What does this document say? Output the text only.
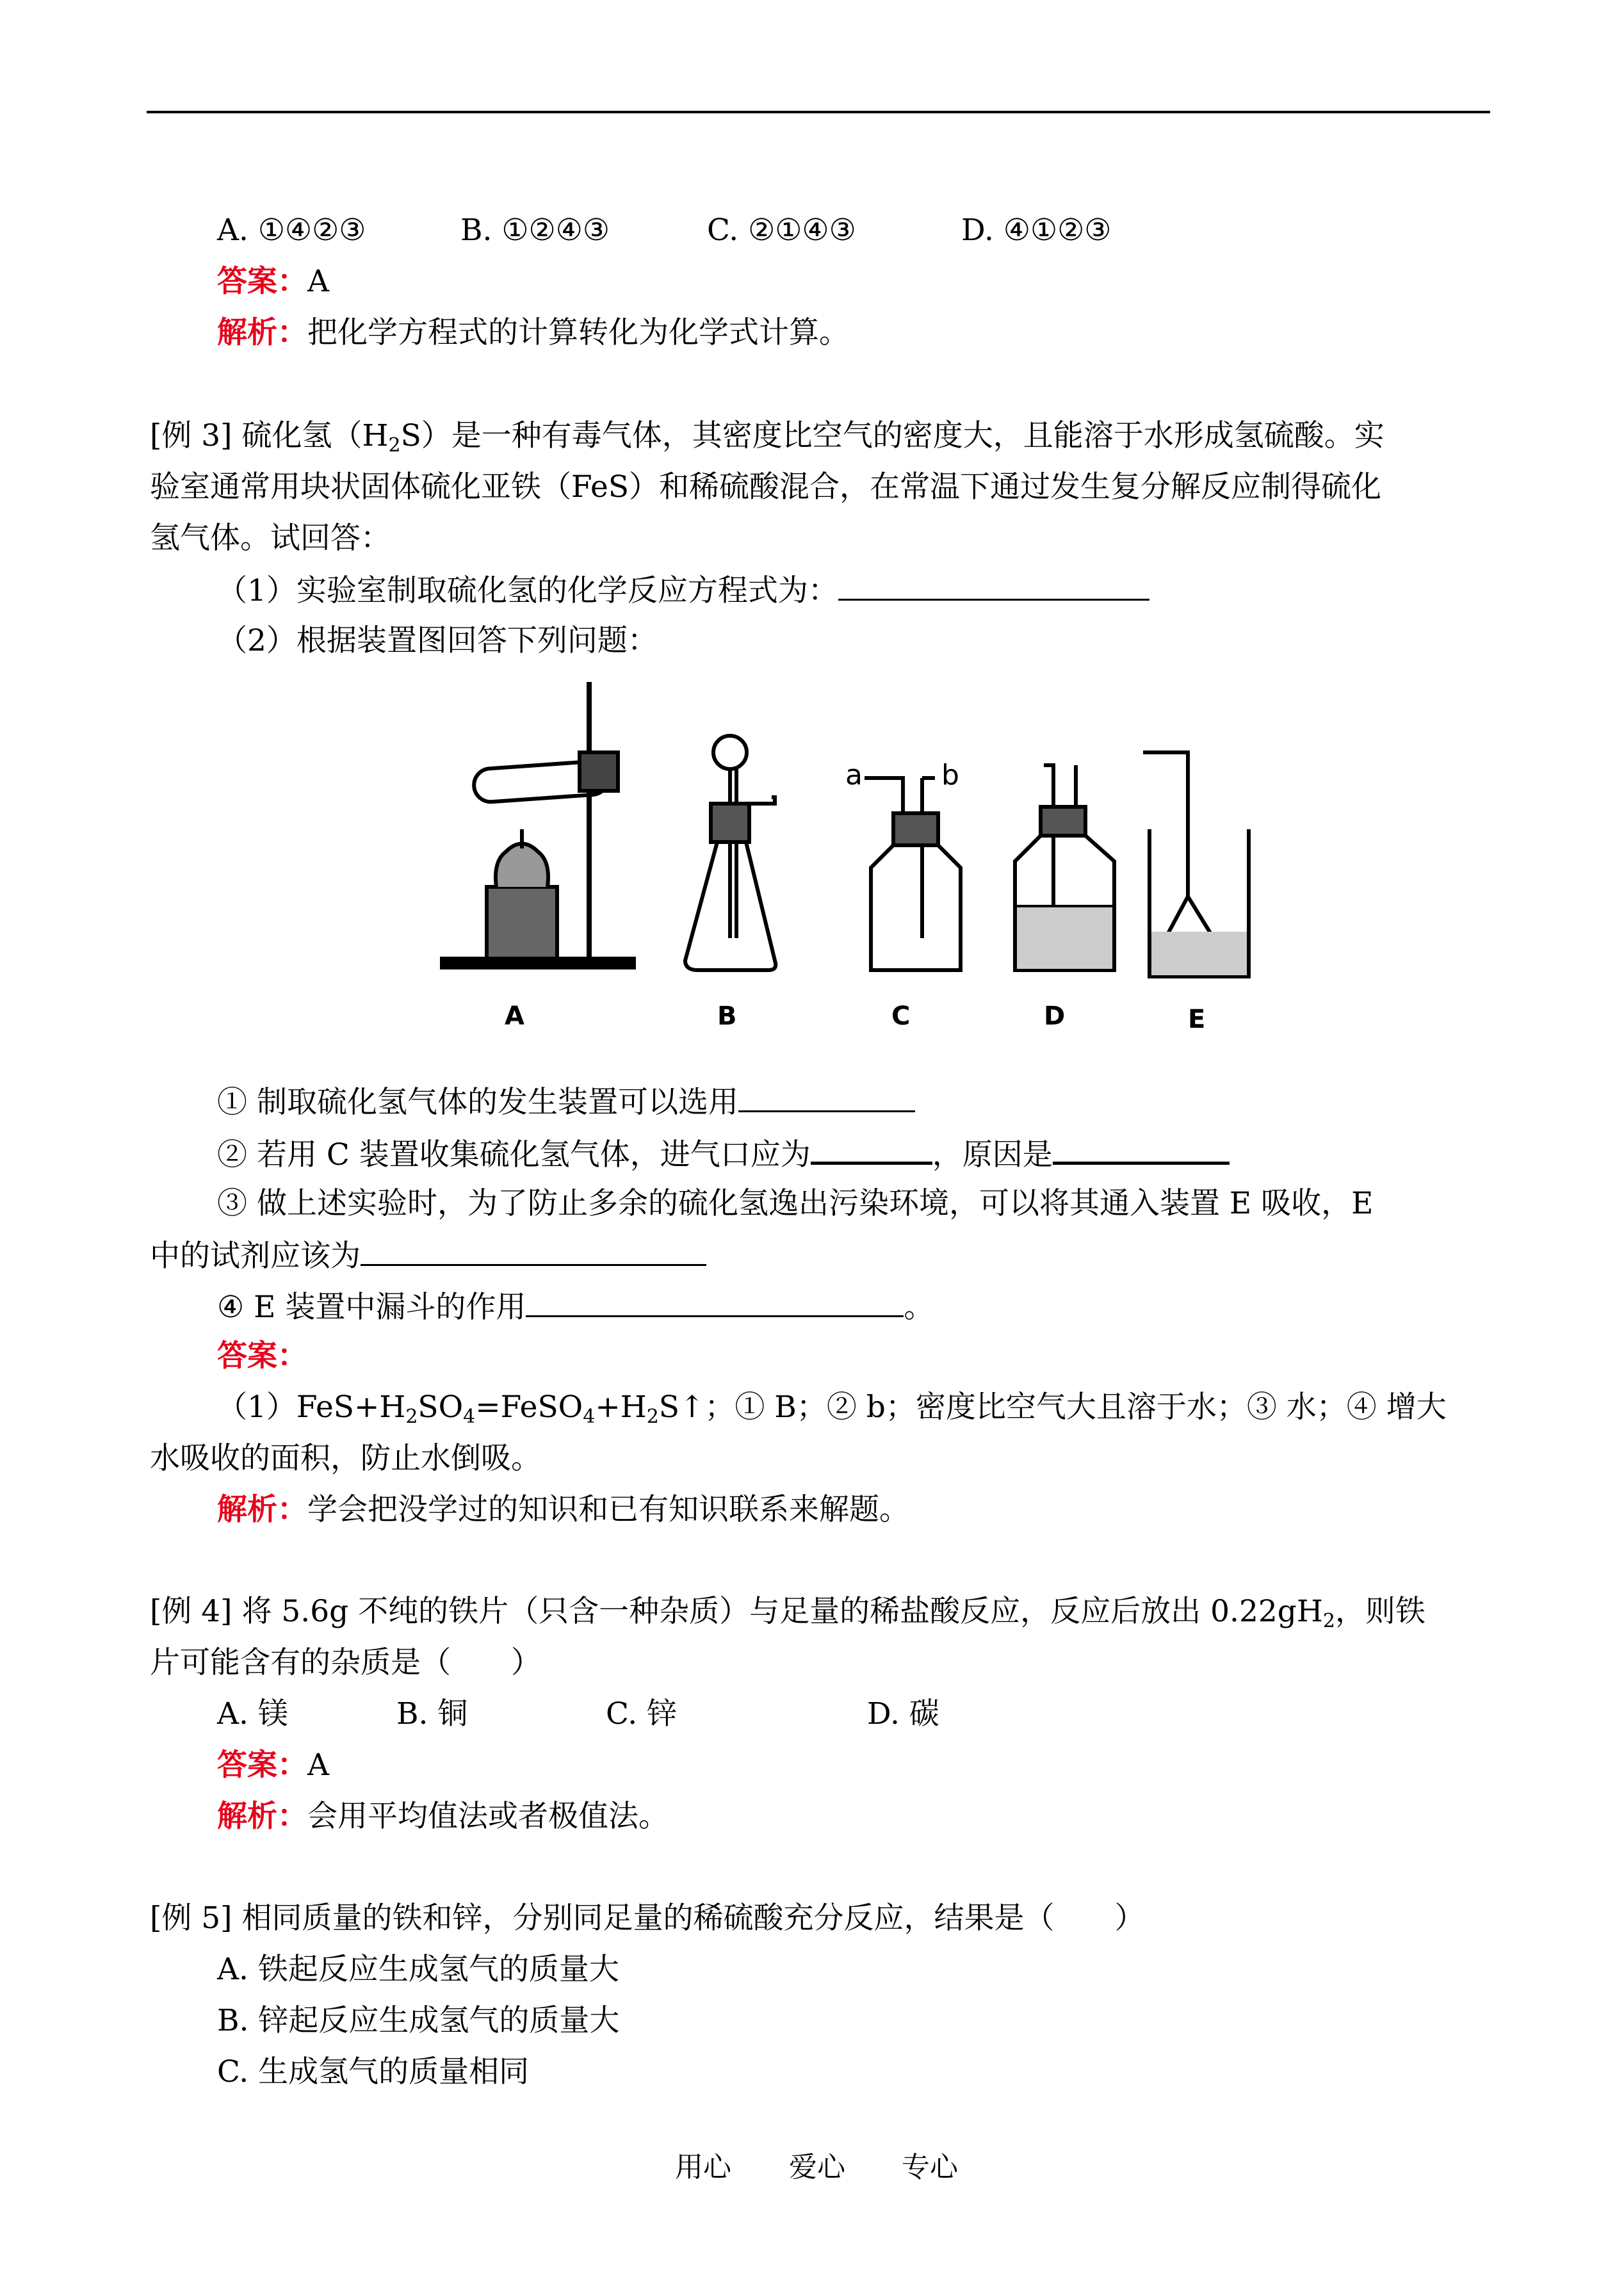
A. ①④②③	B. ①②④③	C. ②①④③	D. ④①②③
答案：A
解析：把化学方程式的计算转化为化学式计算。
[例 3] 硫化氢$(H_2S)$是一种有毒气体，其密度比空气的密度大，且能溶于水形成氢硫酸。实
验室通常用块状固体硫化亚铁（FeS）和稀硫酸混合，在常温下通过发生复分解反应制得硫化
氢气体。试回答：
（1）实验室制取硫化氢的化学反应方程式为：
（2）根据装置图回答下列问题：
a	b
A	B	C	D	E
① 制取硫化氢气体的发生装置可以选用
② 若用 C 装置收集硫化氢气体，进气口应为	，原因是
③ 做上述实验时，为了防止多余的硫化氢逸出污染环境，可以将其通入装置 E 吸收，E
中的试剂应该为
④ E 装置中漏斗的作用	。
答案：
$(1)FeS+H_2SO_4=FeSO_4+H_2S↑$；① B；② b；密度比空气大且溶于水；③ 水；④ 增大
水吸收的面积，防止水倒吸。
解析：学会把没学过的知识和已有知识联系来解题。
[例 4] 将 5.6g 不纯的铁片（只含一种杂质）与足量的稀盐酸反应，反应后放出 $0.22gH_2$，则铁
片可能含有的杂质是（　　）
A. 镁	B. 铜	C. 锌	D. 碳
答案：A
解析：会用平均值法或者极值法。
[例 5] 相同质量的铁和锌，分别同足量的稀硫酸充分反应，结果是（　　）
A. 铁起反应生成氢气的质量大
B. 锌起反应生成氢气的质量大
C. 生成氢气的质量相同
用心 爱心 专心
